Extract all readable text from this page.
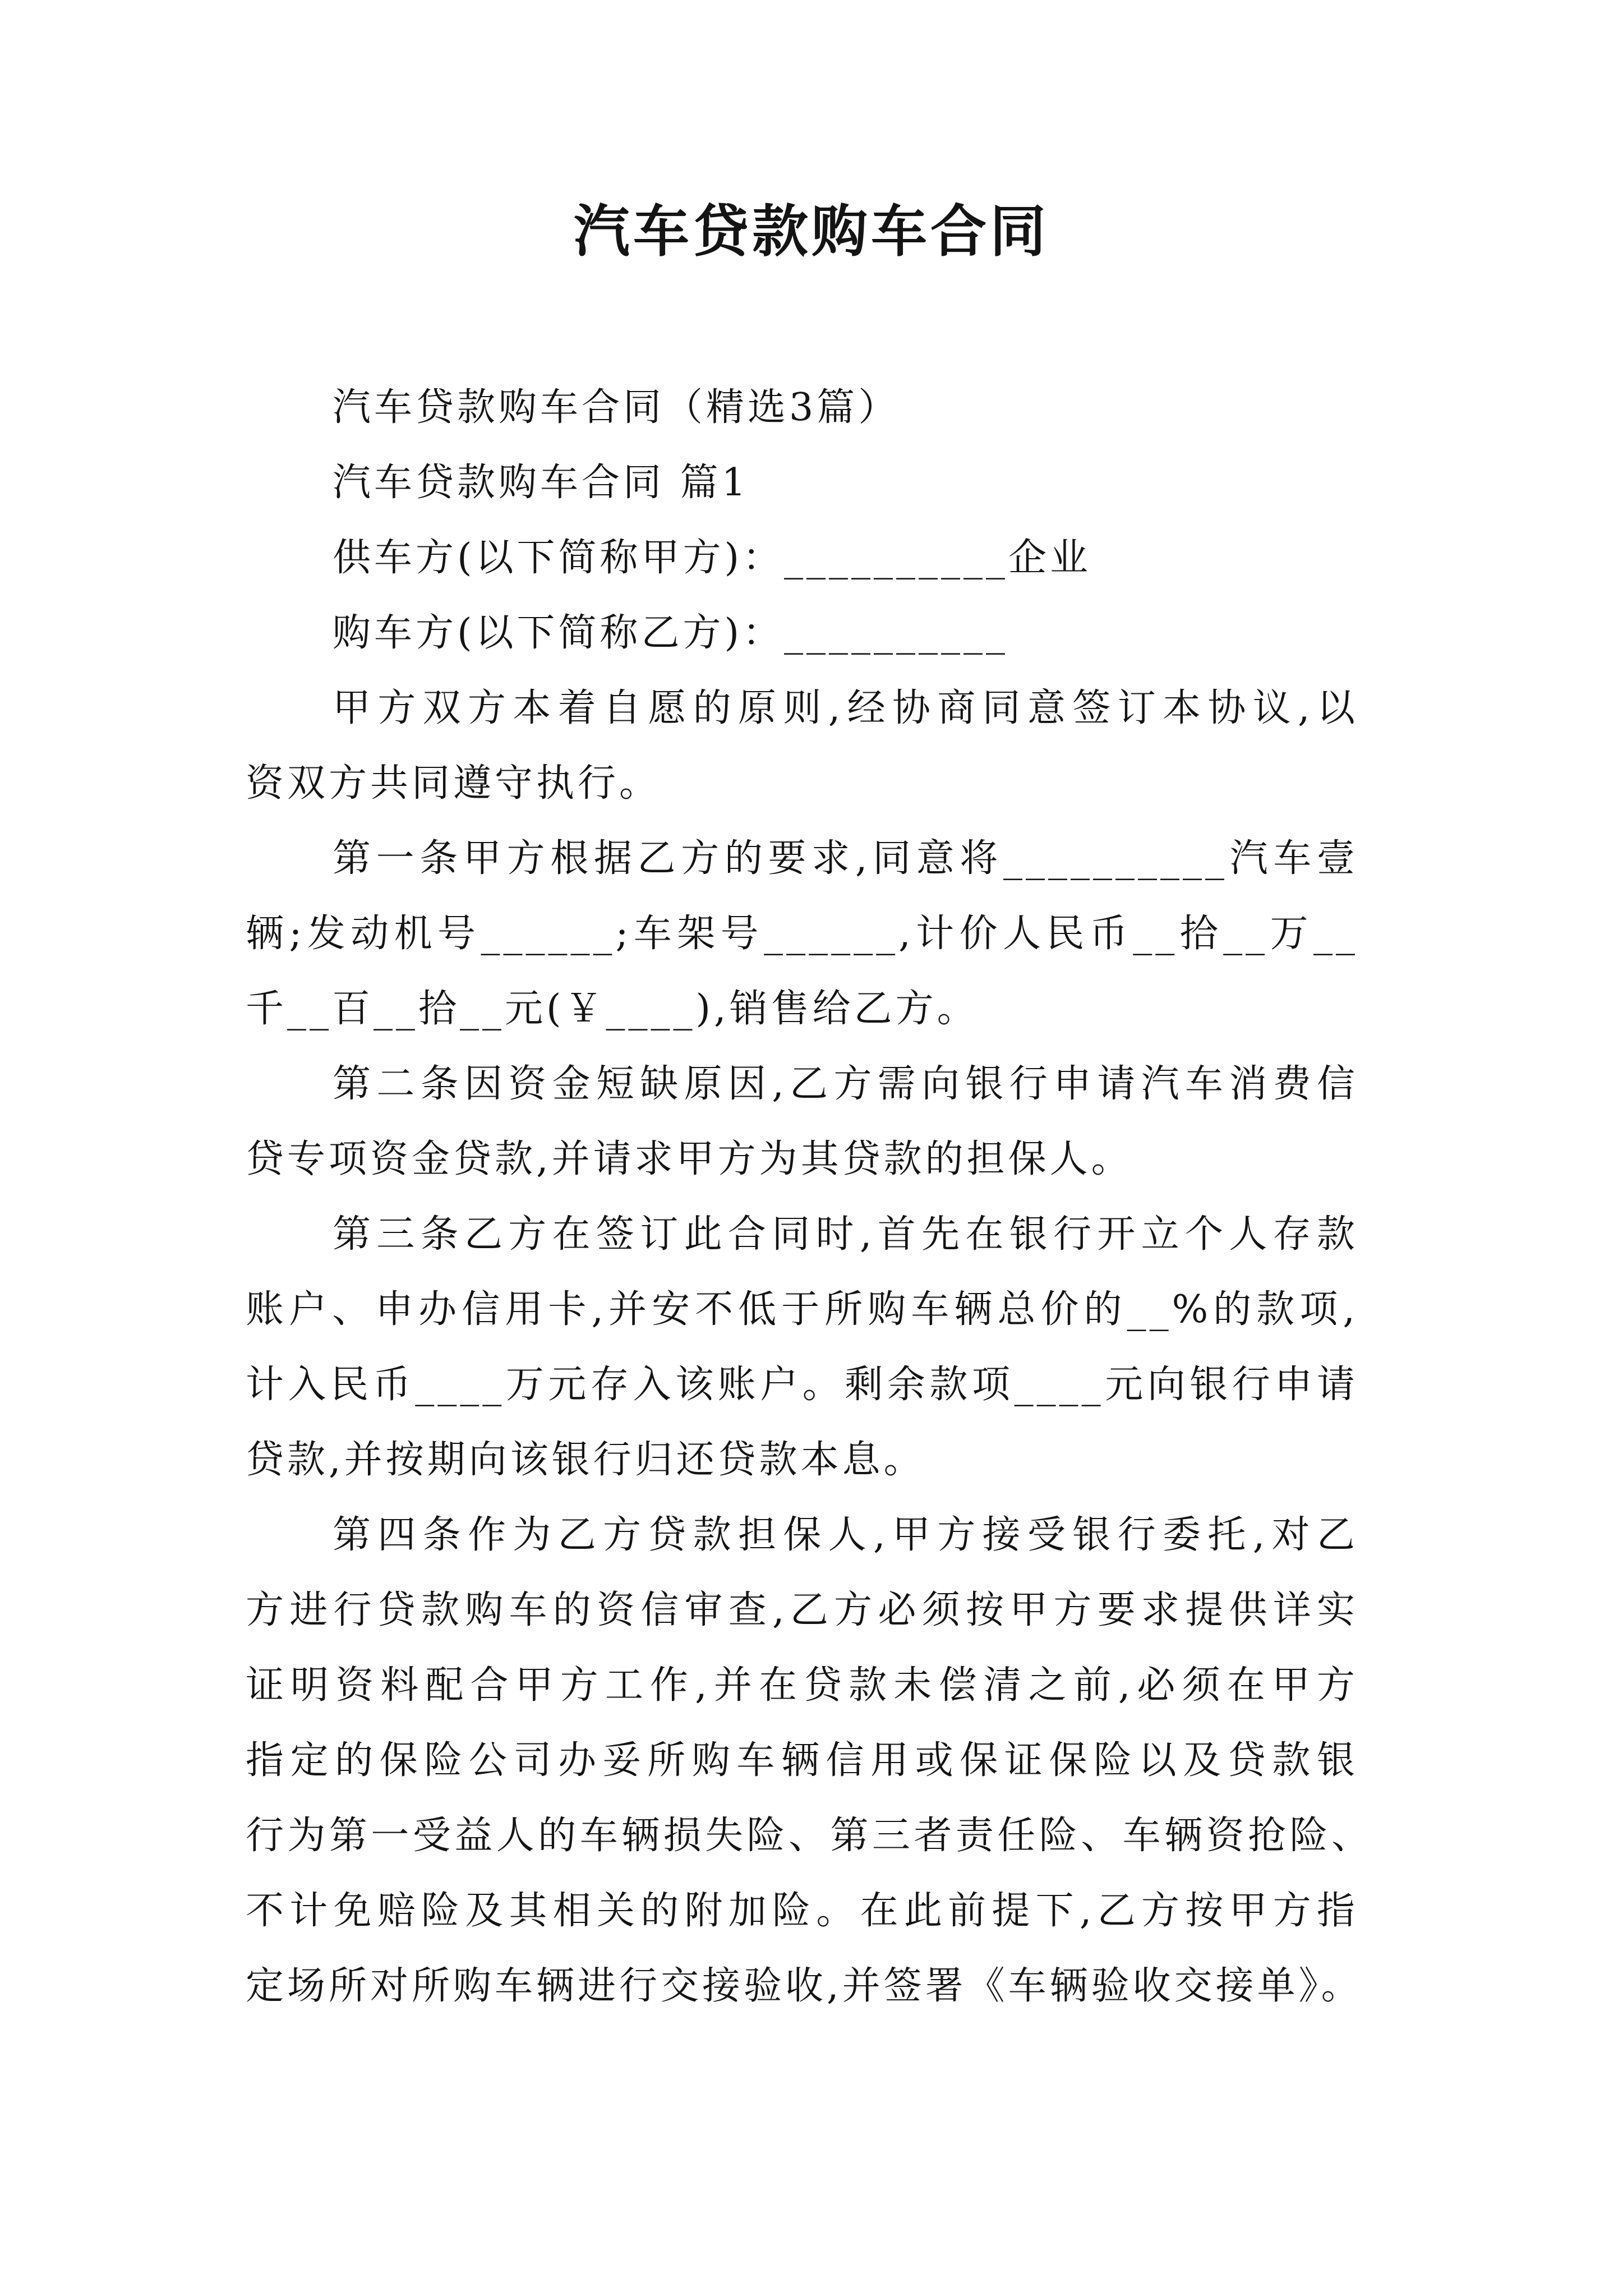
汽车贷款购车合同
汽车贷款购车合同（精选3篇）
汽车贷款购车合同 篇1
供车方(以下简称甲方)：__________企业
购车方(以下简称乙方)：__________
甲方双方本着自愿的原则,经协商同意签订本协议,以
资双方共同遵守执行。
第一条甲方根据乙方的要求,同意将__________汽车壹
辆;发动机号______;车架号______,计价人民币__拾__万__
千__百__拾__元(￥____),销售给乙方。
第二条因资金短缺原因,乙方需向银行申请汽车消费信
贷专项资金贷款,并请求甲方为其贷款的担保人。
第三条乙方在签订此合同时,首先在银行开立个人存款
账户、申办信用卡,并安不低于所购车辆总价的__%的款项,
计入民币____万元存入该账户。剩余款项____元向银行申请
贷款,并按期向该银行归还贷款本息。
第四条作为乙方贷款担保人,甲方接受银行委托,对乙
方进行贷款购车的资信审查,乙方必须按甲方要求提供详实
证明资料配合甲方工作,并在贷款未偿清之前,必须在甲方
指定的保险公司办妥所购车辆信用或保证保险以及贷款银
行为第一受益人的车辆损失险、第三者责任险、车辆资抢险、
不计免赔险及其相关的附加险。在此前提下,乙方按甲方指
定场所对所购车辆进行交接验收,并签署《车辆验收交接单》。
